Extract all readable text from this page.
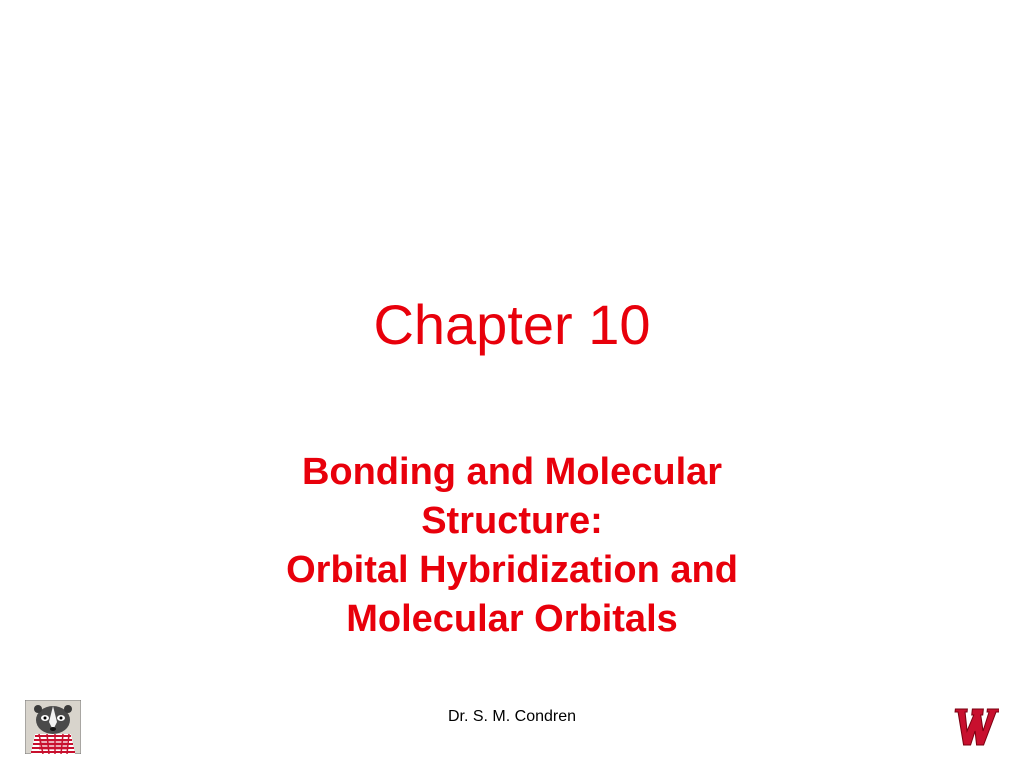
Chapter 10
Bonding and Molecular
Structure:
Orbital Hybridization and
Molecular Orbitals
Dr. S. M. Condren
